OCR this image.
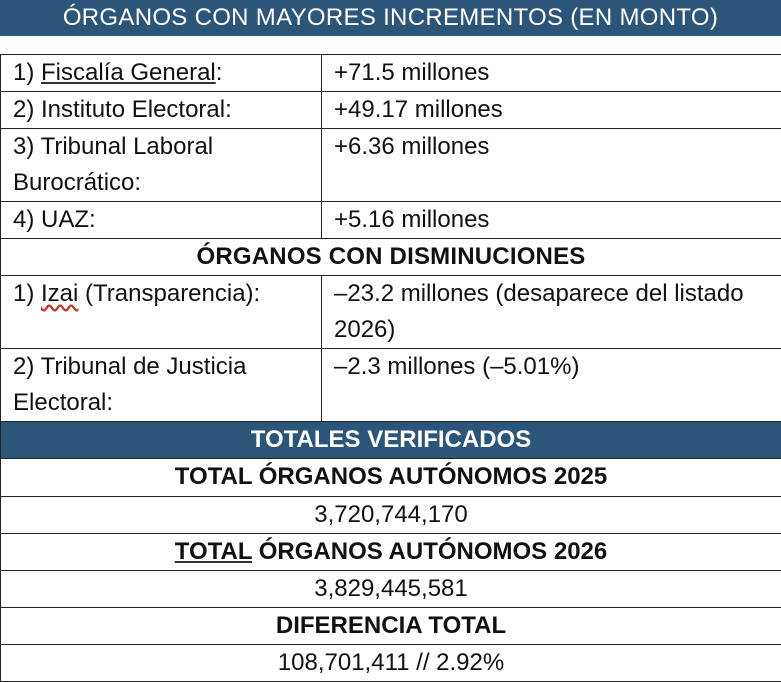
ÓRGANOS CON MAYORES INCREMENTOS (EN MONTO)
1) Fiscalía General:	+71.5 millones
2) Instituto Electoral:	+49.17 millones
3) Tribunal Laboral Burocrático:	+6.36 millones
4) UAZ:	+5.16 millones
ÓRGANOS CON DISMINUCIONES	
1) Izai (Transparencia):	–23.2 millones (desaparece del listado 2026)
2) Tribunal de Justicia Electoral:	–2.3 millones (–5.01%)
TOTALES VERIFICADOS	
TOTAL ÓRGANOS AUTÓNOMOS 2025	
3,720,744,170	
TOTAL ÓRGANOS AUTÓNOMOS 2026	
3,829,445,581	
DIFERENCIA TOTAL	
108,701,411 // 2.92%	
